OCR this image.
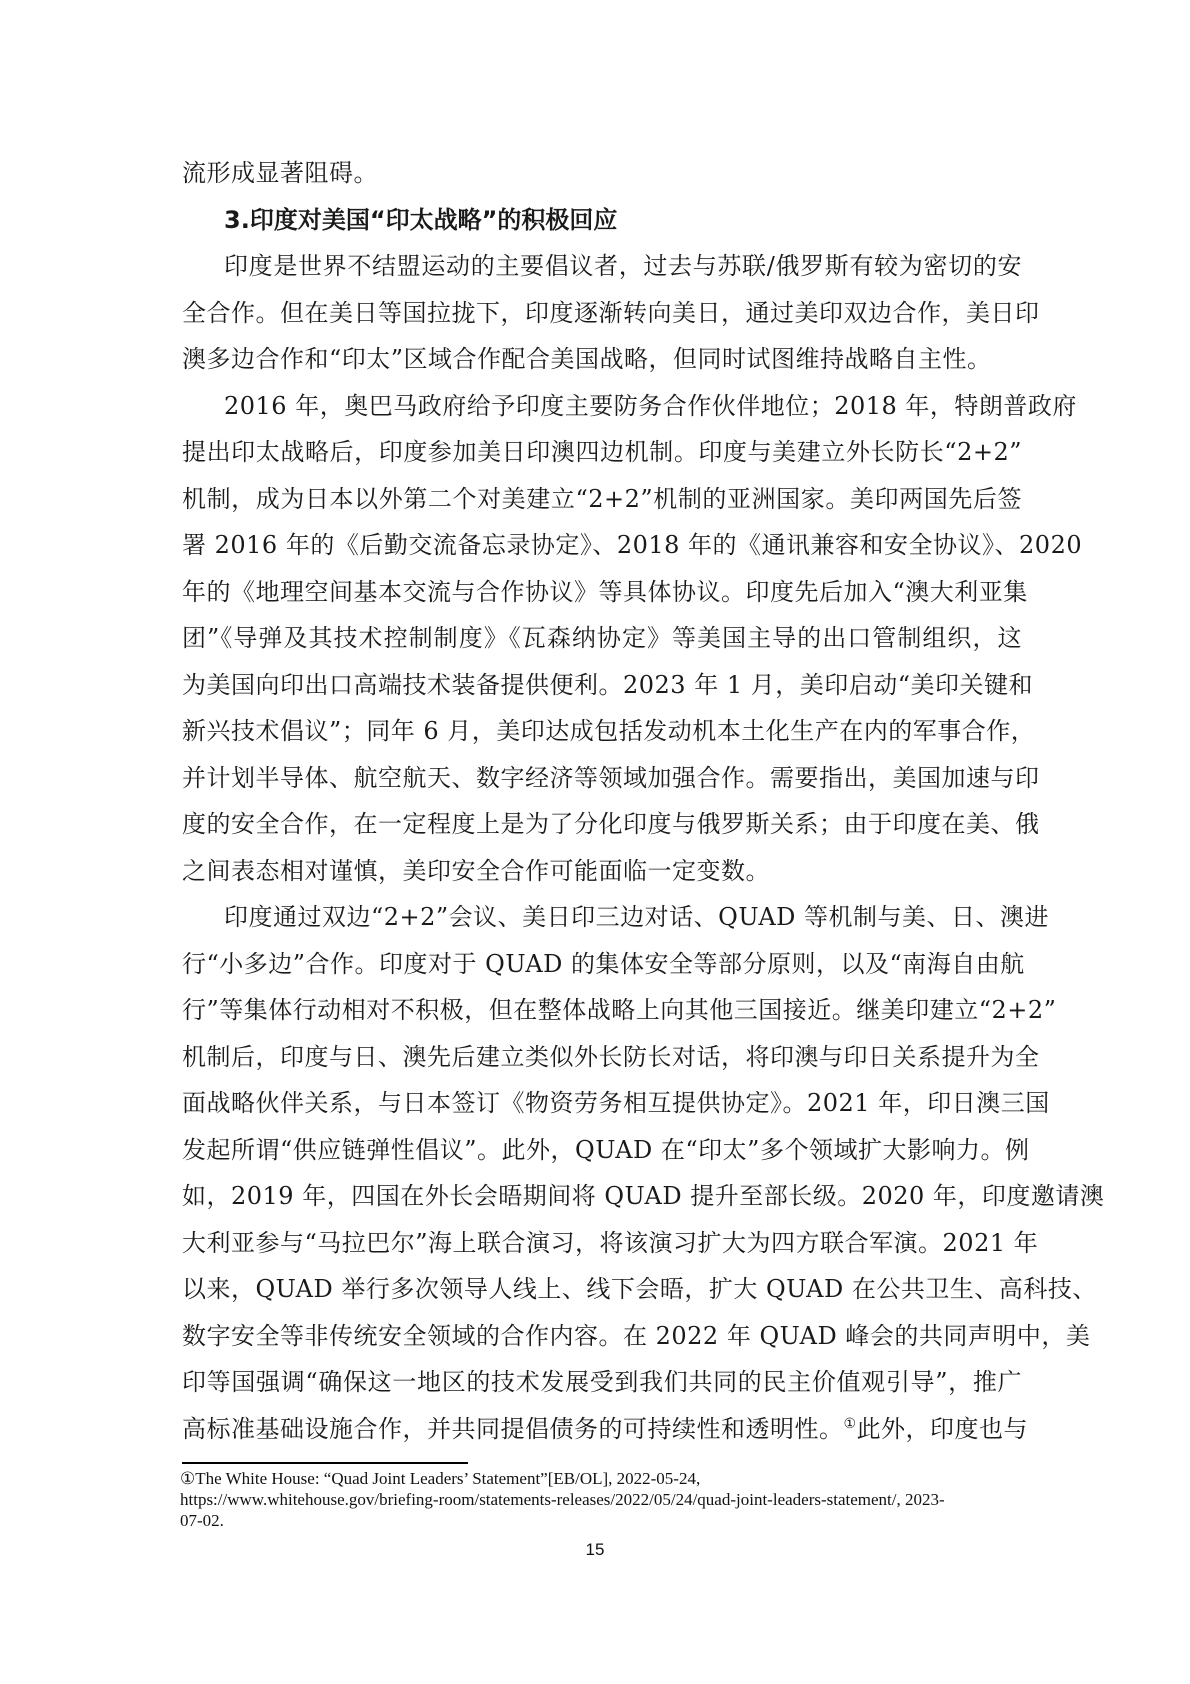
流形成显著阻碍。
3.印度对美国“印太战略”的积极回应
印度是世界不结盟运动的主要倡议者，过去与苏联/俄罗斯有较为密切的安
全合作。但在美日等国拉拢下，印度逐渐转向美日，通过美印双边合作，美日印
澳多边合作和“印太”区域合作配合美国战略，但同时试图维持战略自主性。
2016 年，奥巴马政府给予印度主要防务合作伙伴地位；2018 年，特朗普政府
提出印太战略后，印度参加美日印澳四边机制。印度与美建立外长防长“2+2”
机制，成为日本以外第二个对美建立“2+2”机制的亚洲国家。美印两国先后签
署 2016 年的《后勤交流备忘录协定》、2018 年的《通讯兼容和安全协议》、2020
年的《地理空间基本交流与合作协议》等具体协议。印度先后加入“澳大利亚集
团”《导弹及其技术控制制度》《瓦森纳协定》等美国主导的出口管制组织，这
为美国向印出口高端技术装备提供便利。2023 年 1 月，美印启动“美印关键和
新兴技术倡议”；同年 6 月，美印达成包括发动机本土化生产在内的军事合作，
并计划半导体、航空航天、数字经济等领域加强合作。需要指出，美国加速与印
度的安全合作，在一定程度上是为了分化印度与俄罗斯关系；由于印度在美、俄
之间表态相对谨慎，美印安全合作可能面临一定变数。
印度通过双边“2+2”会议、美日印三边对话、QUAD 等机制与美、日、澳进
行“小多边”合作。印度对于 QUAD 的集体安全等部分原则，以及“南海自由航
行”等集体行动相对不积极，但在整体战略上向其他三国接近。继美印建立“2+2”
机制后，印度与日、澳先后建立类似外长防长对话，将印澳与印日关系提升为全
面战略伙伴关系，与日本签订《物资劳务相互提供协定》。2021 年，印日澳三国
发起所谓“供应链弹性倡议”。此外，QUAD 在“印太”多个领域扩大影响力。例
如，2019 年，四国在外长会晤期间将 QUAD 提升至部长级。2020 年，印度邀请澳
大利亚参与“马拉巴尔”海上联合演习，将该演习扩大为四方联合军演。2021 年
以来，QUAD 举行多次领导人线上、线下会晤，扩大 QUAD 在公共卫生、高科技、
数字安全等非传统安全领域的合作内容。在 2022 年 QUAD 峰会的共同声明中，美
印等国强调“确保这一地区的技术发展受到我们共同的民主价值观引导”，推广
高标准基础设施合作，并共同提倡债务的可持续性和透明性。①此外，印度也与
①The White House: “Quad Joint Leaders’ Statement”[EB/OL], 2022-05-24,
https://www.whitehouse.gov/briefing-room/statements-releases/2022/05/24/quad-joint-leaders-statement/, 2023-
07-02.
15
